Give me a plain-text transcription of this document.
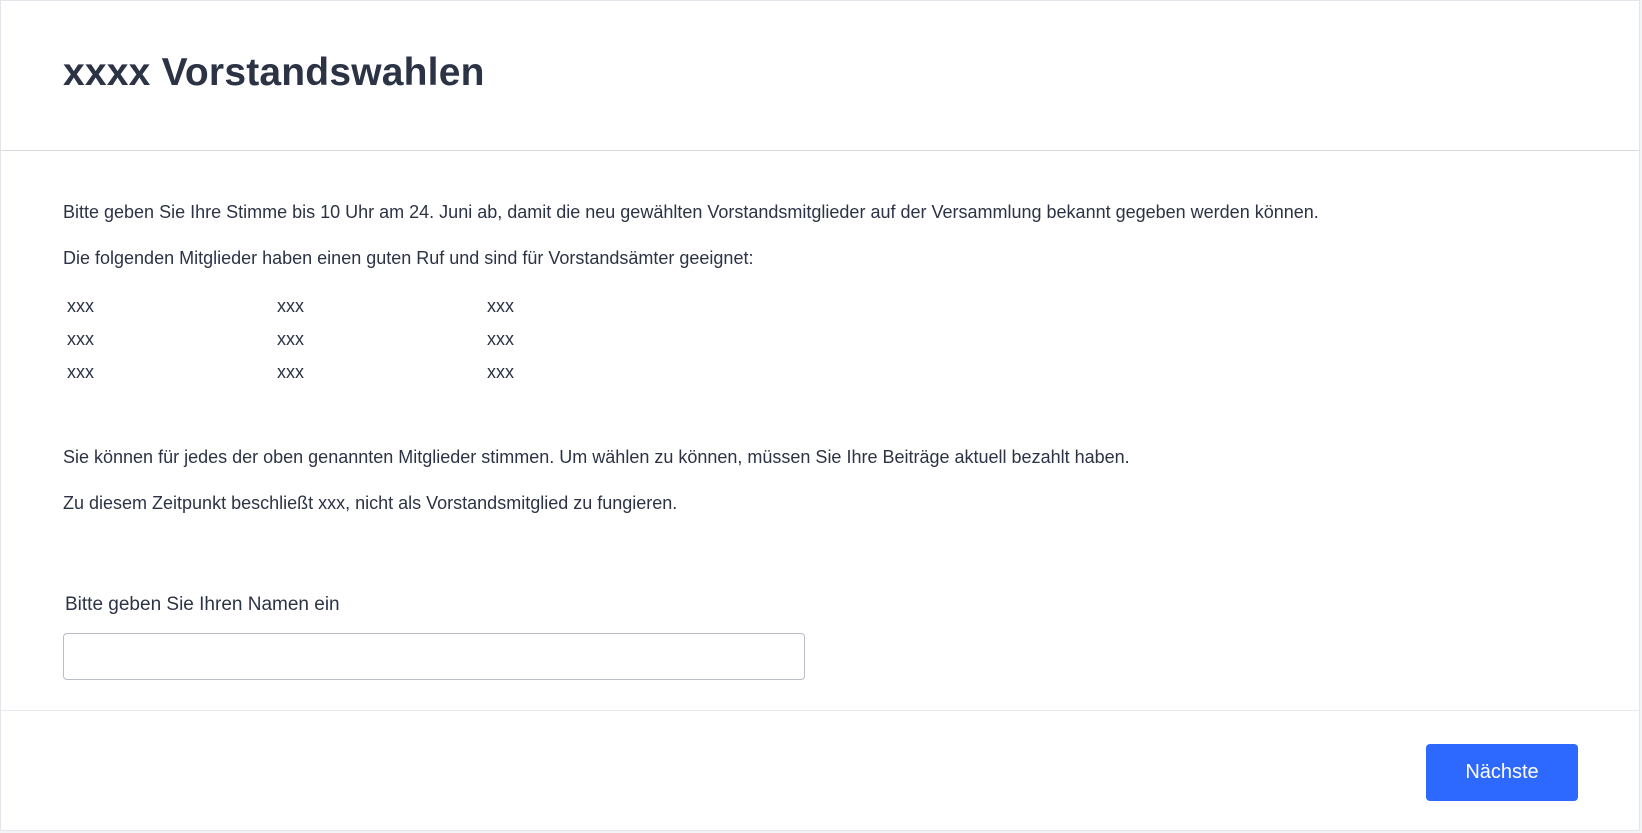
xxxx Vorstandswahlen

Bitte geben Sie Ihre Stimme bis 10 Uhr am 24. Juni ab, damit die neu gewählten Vorstandsmitglieder auf der Versammlung bekannt gegeben werden können.

Die folgenden Mitglieder haben einen guten Ruf und sind für Vorstandsämter geeignet:

xxx	xxx	xxx
xxx	xxx	xxx
xxx	xxx	xxx

Sie können für jedes der oben genannten Mitglieder stimmen. Um wählen zu können, müssen Sie Ihre Beiträge aktuell bezahlt haben.

Zu diesem Zeitpunkt beschließt xxx, nicht als Vorstandsmitglied zu fungieren.

Bitte geben Sie Ihren Namen ein
Nächste
